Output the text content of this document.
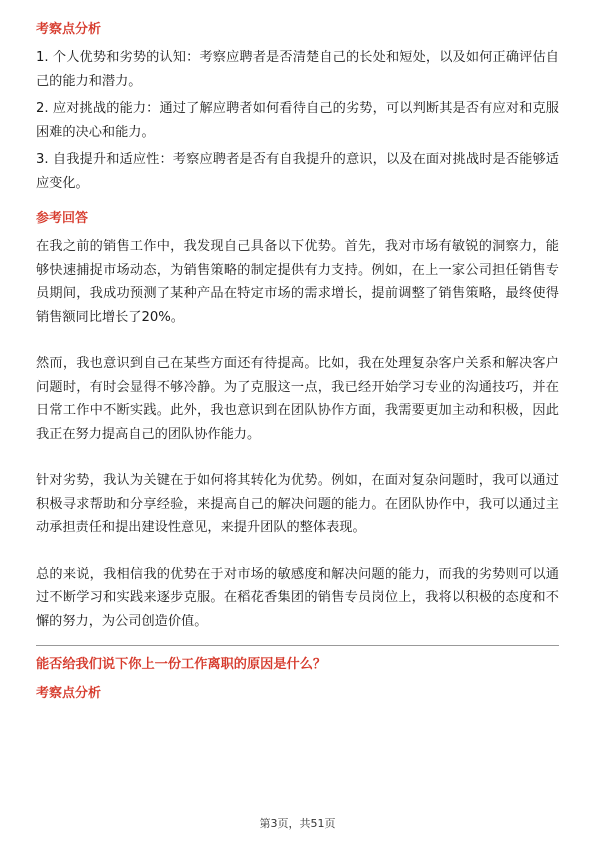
考察点分析

1. 个人优势和劣势的认知：考察应聘者是否清楚自己的长处和短处，以及如何正确评估自己的能力和潜力。

2. 应对挑战的能力：通过了解应聘者如何看待自己的劣势，可以判断其是否有应对和克服困难的决心和能力。

3. 自我提升和适应性：考察应聘者是否有自我提升的意识，以及在面对挑战时是否能够适应变化。

参考回答

在我之前的销售工作中，我发现自己具备以下优势。首先，我对市场有敏锐的洞察力，能够快速捕捉市场动态，为销售策略的制定提供有力支持。例如，在上一家公司担任销售专员期间，我成功预测了某种产品在特定市场的需求增长，提前调整了销售策略，最终使得销售额同比增长了20%。

然而，我也意识到自己在某些方面还有待提高。比如，我在处理复杂客户关系和解决客户问题时，有时会显得不够冷静。为了克服这一点，我已经开始学习专业的沟通技巧，并在日常工作中不断实践。此外，我也意识到在团队协作方面，我需要更加主动和积极，因此我正在努力提高自己的团队协作能力。

针对劣势，我认为关键在于如何将其转化为优势。例如，在面对复杂问题时，我可以通过积极寻求帮助和分享经验，来提高自己的解决问题的能力。在团队协作中，我可以通过主动承担责任和提出建设性意见，来提升团队的整体表现。

总的来说，我相信我的优势在于对市场的敏感度和解决问题的能力，而我的劣势则可以通过不断学习和实践来逐步克服。在稻花香集团的销售专员岗位上，我将以积极的态度和不懈的努力，为公司创造价值。

能否给我们说下你上一份工作离职的原因是什么？
考察点分析
第3页，共51页
